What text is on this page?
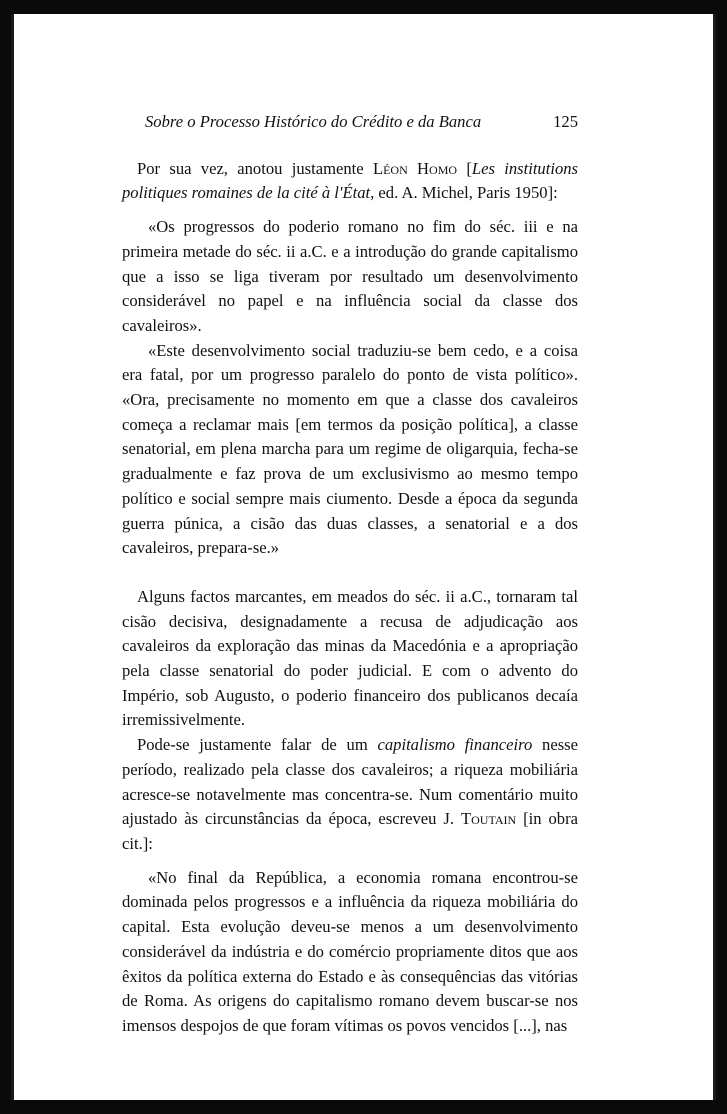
Sobre o Processo Histórico do Crédito e da Banca	125

Por sua vez, anotou justamente Léon Homo [Les institutions politiques romaines de la cité à l'État, ed. A. Michel, Paris 1950]:

«Os progressos do poderio romano no fim do séc. iii e na primeira metade do séc. ii a.C. e a introdução do grande capitalismo que a isso se liga tiveram por resultado um desenvolvimento considerável no papel e na influência social da classe dos cavaleiros».

«Este desenvolvimento social traduziu-se bem cedo, e a coisa era fatal, por um progresso paralelo do ponto de vista político». «Ora, precisamente no momento em que a classe dos cavaleiros começa a reclamar mais [em termos da posição política], a classe senatorial, em plena marcha para um regime de oligarquia, fecha-se gradualmente e faz prova de um exclusivismo ao mesmo tempo político e social sempre mais ciumento. Desde a época da segunda guerra púnica, a cisão das duas classes, a senatorial e a dos cavaleiros, prepara-se.»

Alguns factos marcantes, em meados do séc. ii a.C., tornaram tal cisão decisiva, designadamente a recusa de adjudicação aos cavaleiros da exploração das minas da Macedónia e a apropriação pela classe senatorial do poder judicial. E com o advento do Império, sob Augusto, o poderio financeiro dos publicanos decaía irremissivelmente.

Pode-se justamente falar de um capitalismo financeiro nesse período, realizado pela classe dos cavaleiros; a riqueza mobiliária acresce-se notavelmente mas concentra-se. Num comentário muito ajustado às circunstâncias da época, escreveu J. Toutain [in obra cit.]:

«No final da República, a economia romana encontrou-se dominada pelos progressos e a influência da riqueza mobiliária do capital. Esta evolução deveu-se menos a um desenvolvimento considerável da indústria e do comércio propriamente ditos que aos êxitos da política externa do Estado e às consequências das vitórias de Roma. As origens do capitalismo romano devem buscar-se nos imensos despojos de que foram vítimas os povos vencidos [...], nas
